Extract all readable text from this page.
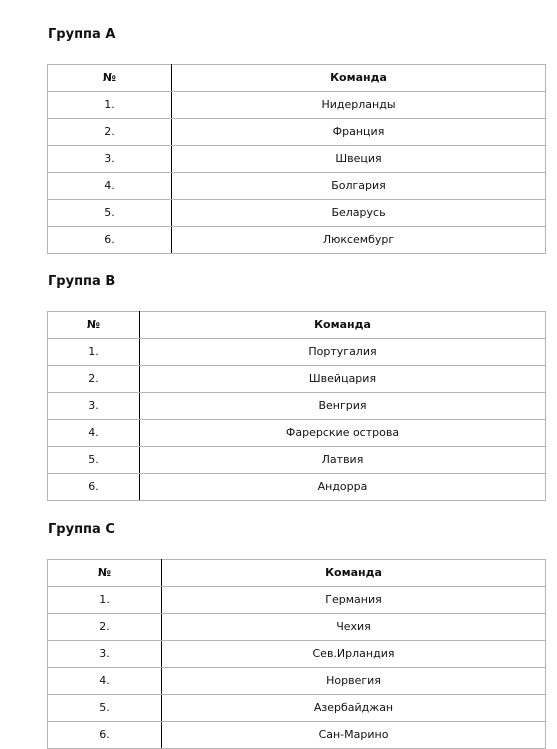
Группа А
№	Команда
1.	Нидерланды
2.	Франция
3.	Швеция
4.	Болгария
5.	Беларусь
6.	Люксембург
Группа В
№	Команда
1.	Португалия
2.	Швейцария
3.	Венгрия
4.	Фарерские острова
5.	Латвия
6.	Андорра
Группа С
№	Команда
1.	Германия
2.	Чехия
3.	Сев.Ирландия
4.	Норвегия
5.	Азербайджан
6.	Сан-Марино
